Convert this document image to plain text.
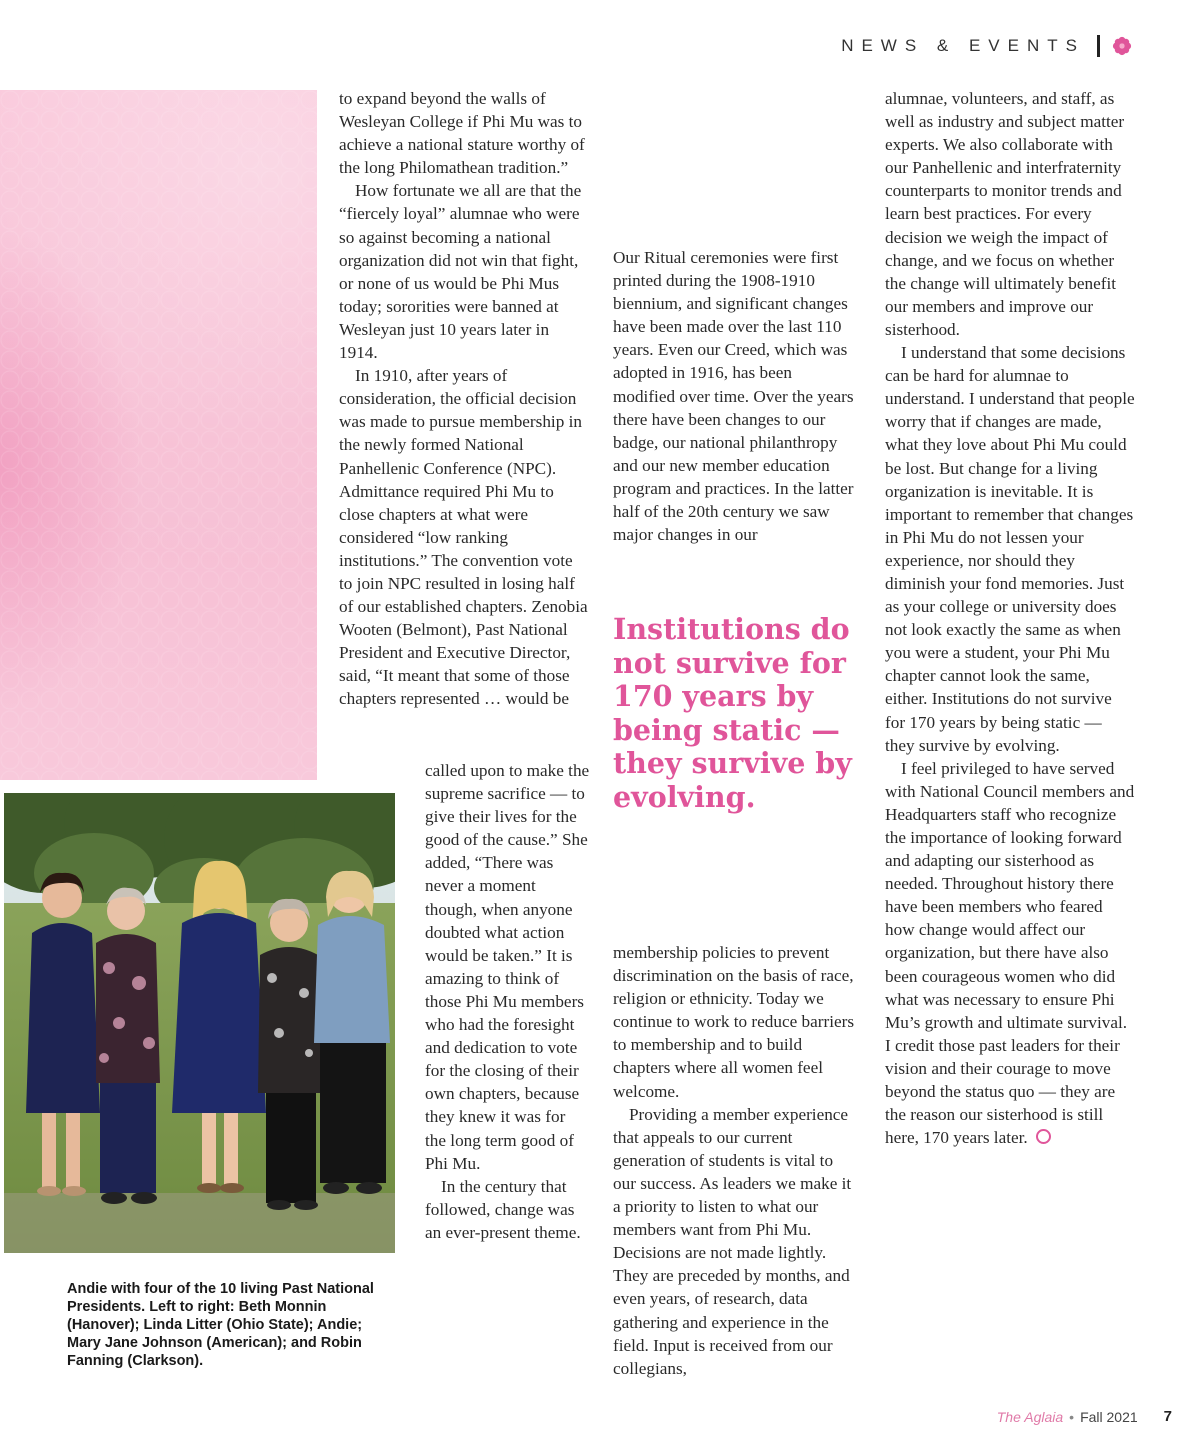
NEWS & EVENTS
Andie with four of the 10 living Past National Presidents. Left to right: Beth Monnin (Hanover); Linda Litter (Ohio State); Andie; Mary Jane Johnson (American); and Robin Fanning (Clarkson).

to expand beyond the walls of Wesleyan College if Phi Mu was to achieve a national stature worthy of the long Philomathean tradition.”

How fortunate we all are that the “fiercely loyal” alumnae who were so against becoming a national organization did not win that fight, or none of us would be Phi Mus today; sororities were banned at Wesleyan just 10 years later in 1914.

In 1910, after years of consideration, the official decision was made to pursue membership in the newly formed National Panhellenic Conference (NPC). Admittance required Phi Mu to close chapters at what were considered “low ranking institutions.” The convention vote to join NPC resulted in losing half of our established chapters. Zenobia Wooten (Belmont), Past National President and Executive Director, said, “It meant that some of those chapters represented … would be

called upon to make the supreme sacrifice — to give their lives for the good of the cause.” She added, “There was never a moment though, when anyone doubted what action would be taken.” It is amazing to think of those Phi Mu members who had the foresight and dedication to vote for the closing of their own chapters, because they knew it was for the long term good of Phi Mu.

In the century that followed, change was an ever-present theme.

Our Ritual ceremonies were first printed during the 1908-1910 biennium, and significant changes have been made over the last 110 years. Even our Creed, which was adopted in 1916, has been modified over time. Over the years there have been changes to our badge, our national philanthropy and our new member education program and practices. In the latter half of the 20th century we saw major changes in our

Institutions do not survive for 170 years by being static — they survive by evolving.

membership policies to prevent discrimination on the basis of race, religion or ethnicity. Today we continue to work to reduce barriers to membership and to build chapters where all women feel welcome.

Providing a member experience that appeals to our current generation of students is vital to our success. As leaders we make it a priority to listen to what our members want from Phi Mu. Decisions are not made lightly. They are preceded by months, and even years, of research, data gathering and experience in the field. Input is received from our collegians,

alumnae, volunteers, and staff, as well as industry and subject matter experts. We also collaborate with our Panhellenic and interfraternity counterparts to monitor trends and learn best practices. For every decision we weigh the impact of change, and we focus on whether the change will ultimately benefit our members and improve our sisterhood.

I understand that some decisions can be hard for alumnae to understand. I understand that people worry that if changes are made, what they love about Phi Mu could be lost. But change for a living organization is inevitable. It is important to remember that changes in Phi Mu do not lessen your experience, nor should they diminish your fond memories. Just as your college or university does not look exactly the same as when you were a student, your Phi Mu chapter cannot look the same, either. Institutions do not survive for 170 years by being static — they survive by evolving.

I feel privileged to have served with National Council members and Headquarters staff who recognize the importance of looking forward and adapting our sisterhood as needed. Throughout history there have been members who feared how change would affect our organization, but there have also been courageous women who did what was necessary to ensure Phi Mu’s growth and ultimate survival. I credit those past leaders for their vision and their courage to move beyond the status quo — they are the reason our sisterhood is still here, 170 years later.

The Aglaia • Fall 2021 7
